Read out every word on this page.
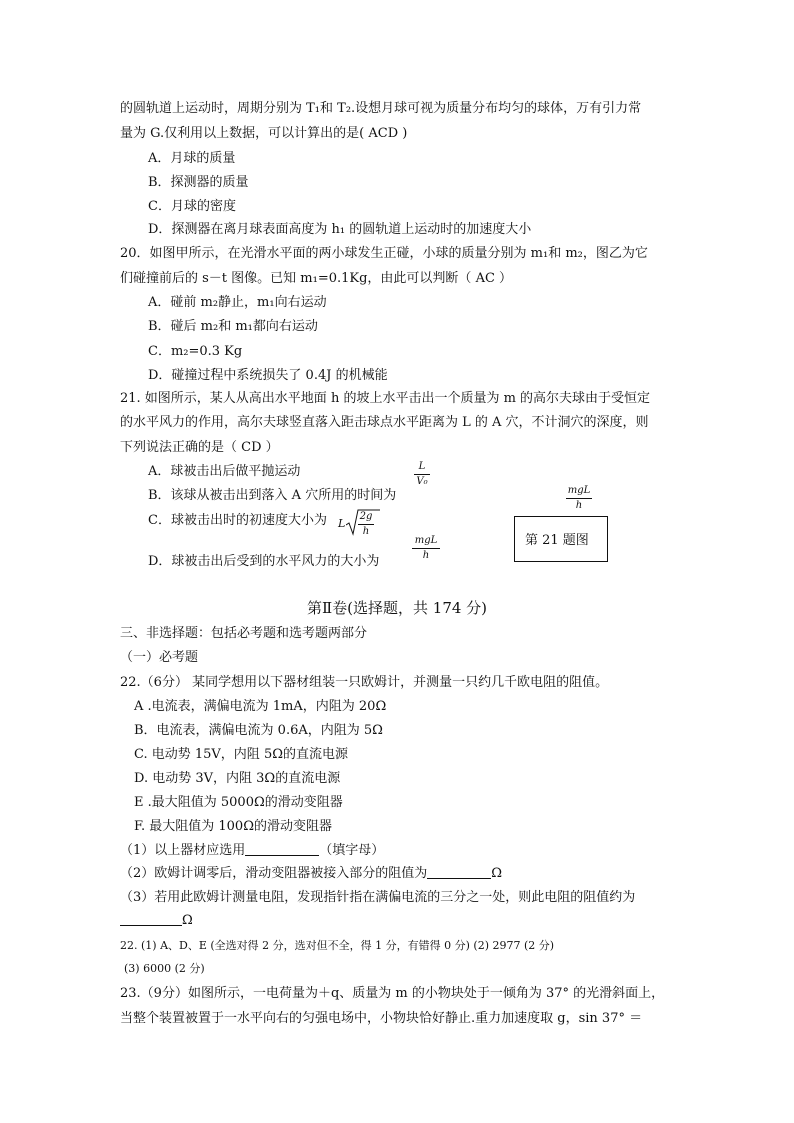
的圆轨道上运动时，周期分别为 T₁和 T₂.设想月球可视为质量分布均匀的球体，万有引力常
量为 G.仅利用以上数据，可以计算出的是( ACD )
A．月球的质量
B．探测器的质量
C．月球的密度
D．探测器在离月球表面高度为 h₁ 的圆轨道上运动时的加速度大小
20．如图甲所示，在光滑水平面的两小球发生正碰，小球的质量分别为 m₁和 m₂，图乙为它
们碰撞前后的 s－t 图像。已知 m₁=0.1Kg，由此可以判断（ AC ）
A．碰前 m₂静止，m₁向右运动
B．碰后 m₂和 m₁都向右运动
C．m₂=0.3 Kg
D．碰撞过程中系统损失了 0.4J 的机械能
21. 如图所示，某人从高出水平地面 h 的坡上水平击出一个质量为 m 的高尔夫球由于受恒定
的水平风力的作用，高尔夫球竖直落入距击球点水平距离为 L 的 A 穴，不计洞穴的深度，则
下列说法正确的是（ CD ）
A．球被击出后做平抛运动
B．该球从被击出到落入 A 穴所用的时间为
C．球被击出时的初速度大小为
D．球被击出后受到的水平风力的大小为
L
V₀
mgL
h
L
2g
h
mgL
h
第 21 题图
第Ⅱ卷(选择题，共 174 分)
三、非选择题：包括必考题和选考题两部分
（一）必考题
22.（6分） 某同学想用以下器材组装一只欧姆计，并测量一只约几千欧电阻的阻值。
A .电流表，满偏电流为 1mA，内阻为 20Ω
B．电流表，满偏电流为 0.6A，内阻为 5Ω
C. 电动势 15V，内阻 5Ω的直流电源
D. 电动势 3V，内阻 3Ω的直流电源
E .最大阻值为 5000Ω的滑动变阻器
F. 最大阻值为 100Ω的滑动变阻器
（1）以上器材应选用	（填字母）
（2）欧姆计调零后，滑动变阻器被接入部分的阻值为	Ω
（3）若用此欧姆计测量电阻，发现指针指在满偏电流的三分之一处，则此电阻的阻值约为
Ω
22. (1) A、D、E (全选对得 2 分，选对但不全，得 1 分，有错得 0 分) (2) 2977 (2 分)
(3) 6000 (2 分)
23.（9分）如图所示，一电荷量为＋q、质量为 m 的小物块处于一倾角为 37° 的光滑斜面上，
当整个装置被置于一水平向右的匀强电场中，小物块恰好静止.重力加速度取 g，sin 37° ＝
